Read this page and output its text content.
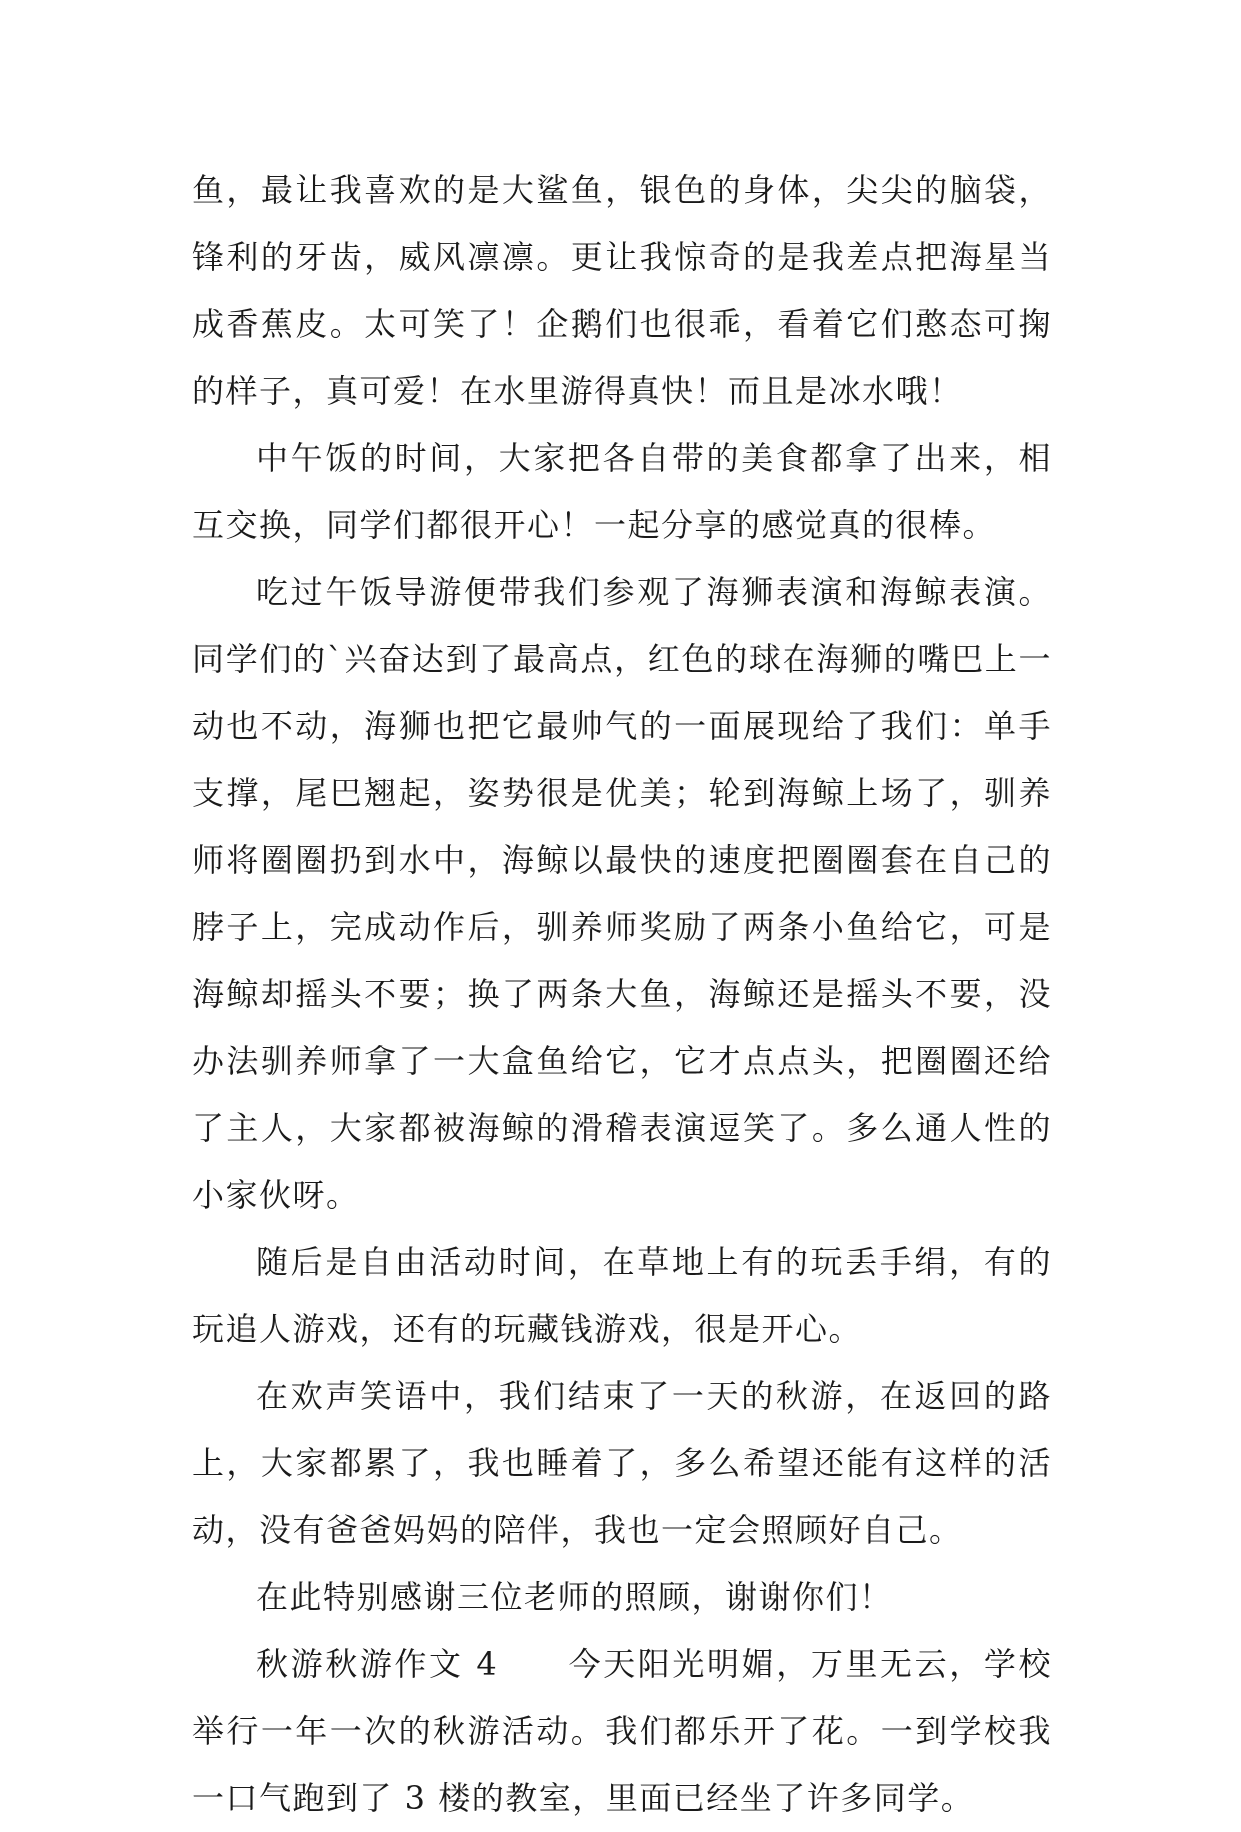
鱼，最让我喜欢的是大鲨鱼，银色的身体，尖尖的脑袋，锋利的牙齿，威风凛凛。更让我惊奇的是我差点把海星当成香蕉皮。太可笑了！企鹅们也很乖，看着它们憨态可掬的样子，真可爱！在水里游得真快！而且是冰水哦！

中午饭的时间，大家把各自带的美食都拿了出来，相互交换，同学们都很开心！一起分享的感觉真的很棒。

吃过午饭导游便带我们参观了海狮表演和海鲸表演。同学们的`兴奋达到了最高点，红色的球在海狮的嘴巴上一动也不动，海狮也把它最帅气的一面展现给了我们：单手支撑，尾巴翘起，姿势很是优美；轮到海鲸上场了，驯养师将圈圈扔到水中，海鲸以最快的速度把圈圈套在自己的脖子上，完成动作后，驯养师奖励了两条小鱼给它，可是海鲸却摇头不要；换了两条大鱼，海鲸还是摇头不要，没办法驯养师拿了一大盒鱼给它，它才点点头，把圈圈还给了主人，大家都被海鲸的滑稽表演逗笑了。多么通人性的小家伙呀。

随后是自由活动时间，在草地上有的玩丢手绢，有的玩追人游戏，还有的玩藏钱游戏，很是开心。

在欢声笑语中，我们结束了一天的秋游，在返回的路上，大家都累了，我也睡着了，多么希望还能有这样的活动，没有爸爸妈妈的陪伴，我也一定会照顾好自己。

在此特别感谢三位老师的照顾，谢谢你们！

秋游秋游作文 4　　今天阳光明媚，万里无云，学校举行一年一次的秋游活动。我们都乐开了花。一到学校我一口气跑到了 3 楼的教室，里面已经坐了许多同学。
